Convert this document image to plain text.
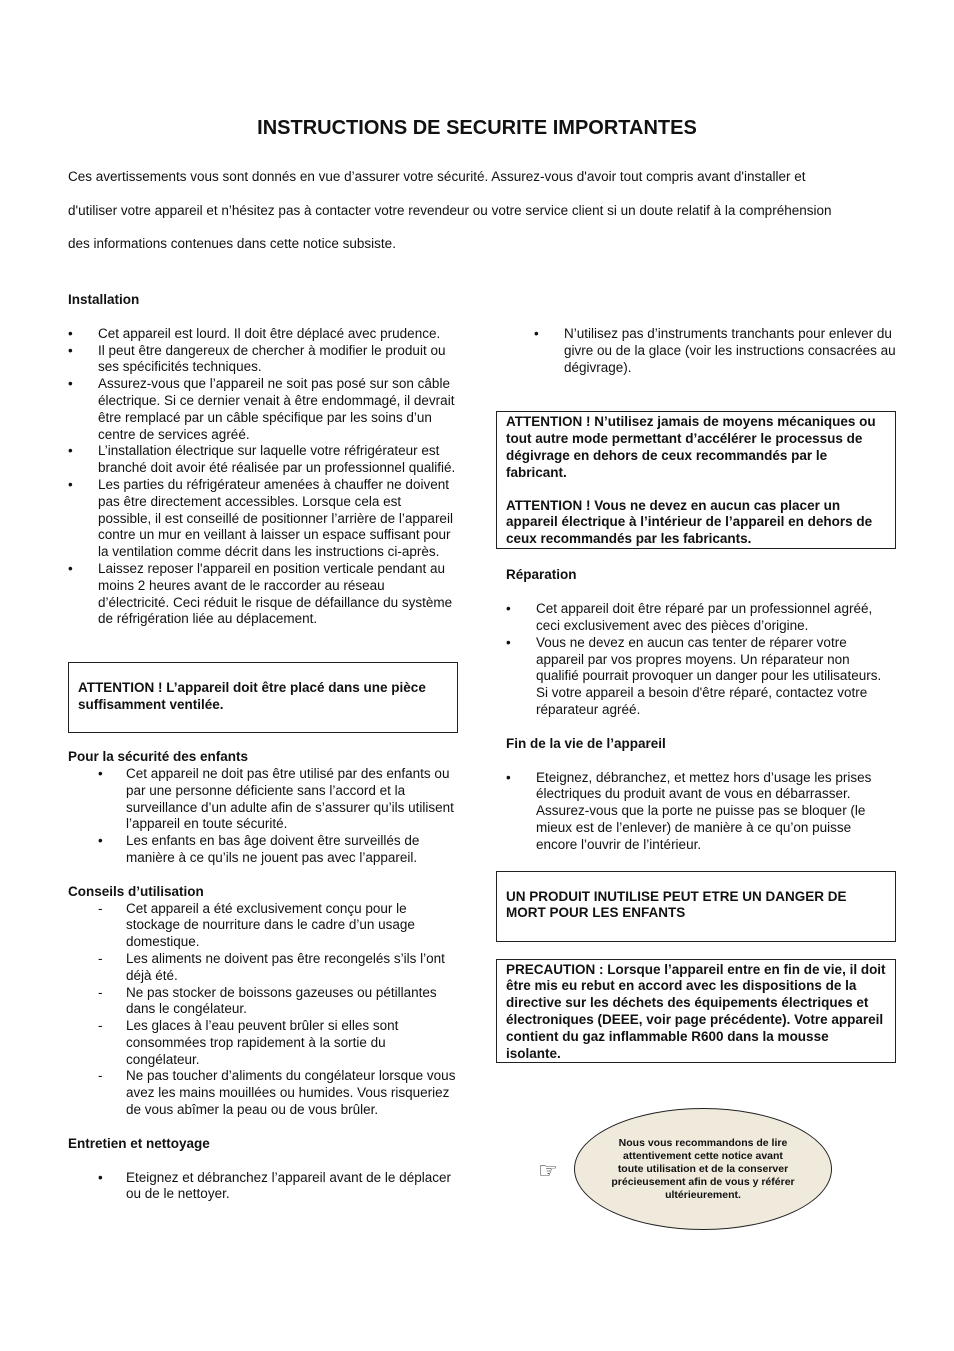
INSTRUCTIONS DE SECURITE IMPORTANTES
Ces avertissements vous sont donnés en vue d’assurer votre sécurité. Assurez-vous d'avoir tout compris avant d'installer et
d'utiliser votre appareil et n’hésitez pas à contacter votre revendeur ou votre service client si un doute relatif à la compréhension
des informations contenues dans cette notice subsiste.

Installation

• Cet appareil est lourd. Il doit être déplacé avec prudence.
• Il peut être dangereux de chercher à modifier le produit ou ses spécificités techniques.
• Assurez-vous que l’appareil ne soit pas posé sur son câble électrique. Si ce dernier venait à être endommagé, il devrait être remplacé par un câble spécifique par les soins d’un centre de services agréé.
• L’installation électrique sur laquelle votre réfrigérateur est branché doit avoir été réalisée par un professionnel qualifié.
• Les parties du réfrigérateur amenées à chauffer ne doivent pas être directement accessibles. Lorsque cela est possible, il est conseillé de positionner l’arrière de l’appareil contre un mur en veillant à laisser un espace suffisant pour la ventilation comme décrit dans les instructions ci-après.
• Laissez reposer l'appareil en position verticale pendant au moins 2 heures avant de le raccorder au réseau d’électricité. Ceci réduit le risque de défaillance du système de réfrigération liée au déplacement.
ATTENTION ! L’appareil doit être placé dans une pièce suffisamment ventilée.

Pour la sécurité des enfants

• Cet appareil ne doit pas être utilisé par des enfants ou par une personne déficiente sans l’accord et la surveillance d’un adulte afin de s’assurer qu’ils utilisent l’appareil en toute sécurité.
• Les enfants en bas âge doivent être surveillés de manière à ce qu’ils ne jouent pas avec l’appareil.

Conseils d’utilisation

- Cet appareil a été exclusivement conçu pour le stockage de nourriture dans le cadre d’un usage domestique.
- Les aliments ne doivent pas être recongelés s’ils l’ont déjà été.
- Ne pas stocker de boissons gazeuses ou pétillantes dans le congélateur.
- Les glaces à l’eau peuvent brûler si elles sont consommées trop rapidement à la sortie du congélateur.
- Ne pas toucher d’aliments du congélateur lorsque vous avez les mains mouillées ou humides. Vous risqueriez de vous abîmer la peau ou de vous brûler.

Entretien et nettoyage

• Eteignez et débranchez l’appareil avant de le déplacer ou de le nettoyer.
• N’utilisez pas d’instruments tranchants pour enlever du givre ou de la glace (voir les instructions consacrées au dégivrage).
ATTENTION ! N’utilisez jamais de moyens mécaniques ou tout autre mode permettant d’accélérer le processus de dégivrage en dehors de ceux recommandés par le fabricant.
ATTENTION ! Vous ne devez en aucun cas placer un appareil électrique à l’intérieur de l’appareil en dehors de ceux recommandés par les fabricants.

Réparation

• Cet appareil doit être réparé par un professionnel agréé, ceci exclusivement avec des pièces d’origine.
• Vous ne devez en aucun cas tenter de réparer votre appareil par vos propres moyens. Un réparateur non qualifié pourrait provoquer un danger pour les utilisateurs. Si votre appareil a besoin d'être réparé, contactez votre réparateur agréé.

Fin de la vie de l’appareil

• Eteignez, débranchez, et mettez hors d’usage les prises électriques du produit avant de vous en débarrasser. Assurez-vous que la porte ne puisse pas se bloquer (le mieux est de l’enlever) de manière à ce qu’on puisse encore l’ouvrir de l’intérieur.
UN PRODUIT INUTILISE PEUT ETRE UN DANGER DE MORT POUR LES ENFANTS
PRECAUTION : Lorsque l’appareil entre en fin de vie, il doit être mis eu rebut en accord avec les dispositions de la directive sur les déchets des équipements électriques et électroniques (DEEE, voir page précédente). Votre appareil contient du gaz inflammable R600 dans la mousse isolante.
☞
Nous vous recommandons de lire attentivement cette notice avant toute utilisation et de la conserver précieusement afin de vous y référer ultérieurement.
